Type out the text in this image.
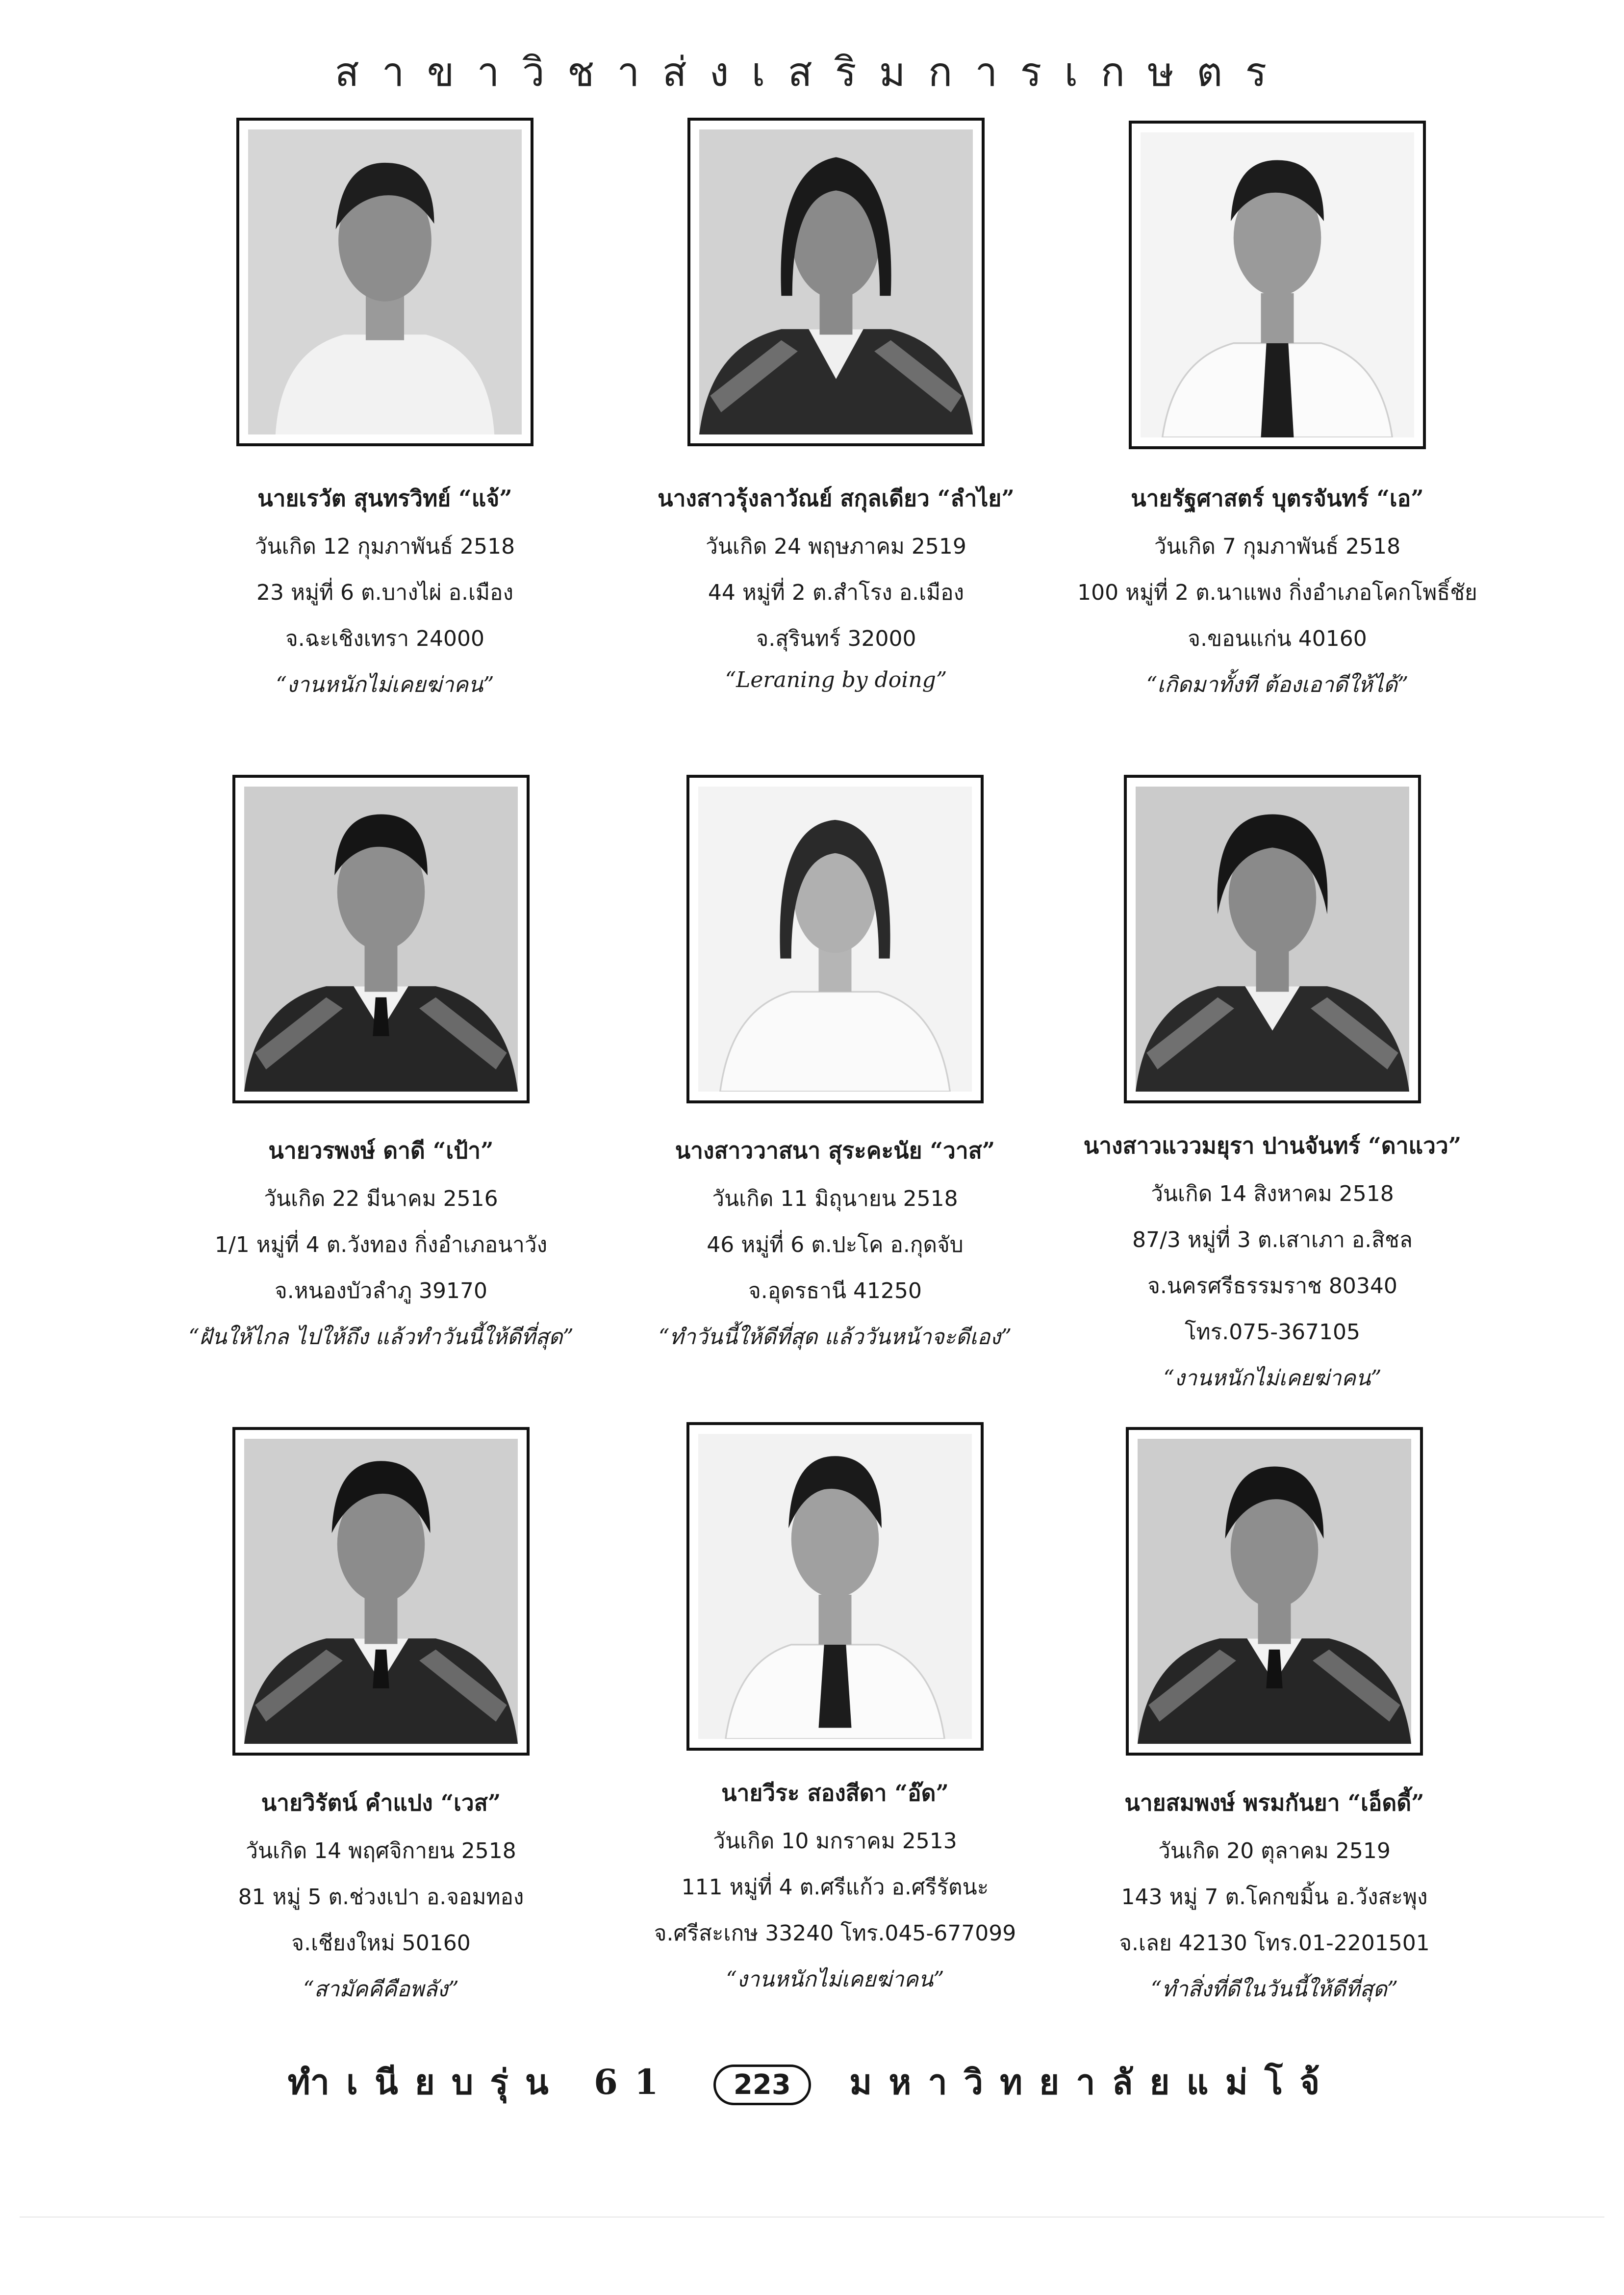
สาขาวิชาส่งเสริมการเกษตร
นายเรวัต สุนทรวิทย์ “แจ้”
วันเกิด 12 กุมภาพันธ์ 2518
23 หมู่ที่ 6 ต.บางไผ่ อ.เมือง
จ.ฉะเชิงเทรา 24000
“งานหนักไม่เคยฆ่าคน”
นางสาวรุ้งลาวัณย์ สกุลเดียว “ลำไย”
วันเกิด 24 พฤษภาคม 2519
44 หมู่ที่ 2 ต.สำโรง อ.เมือง
จ.สุรินทร์ 32000
“Leraning by doing”
นายรัฐศาสตร์ บุตรจันทร์ “เอ”
วันเกิด 7 กุมภาพันธ์ 2518
100 หมู่ที่ 2 ต.นาแพง กิ่งอำเภอโคกโพธิ์ชัย
จ.ขอนแก่น 40160
“เกิดมาทั้งที ต้องเอาดีให้ได้”
นายวรพงษ์ ดาดี “เป้า”
วันเกิด 22 มีนาคม 2516
1/1 หมู่ที่ 4 ต.วังทอง กิ่งอำเภอนาวัง
จ.หนองบัวลำภู 39170
“ฝันให้ไกล ไปให้ถึง แล้วทำวันนี้ให้ดีที่สุด”
นางสาววาสนา สุระคะนัย “วาส”
วันเกิด 11 มิถุนายน 2518
46 หมู่ที่ 6 ต.ปะโค อ.กุดจับ
จ.อุดรธานี 41250
“ทำวันนี้ให้ดีที่สุด แล้ววันหน้าจะดีเอง”
นางสาวแววมยุรา ปานจันทร์ “ดาแวว”
วันเกิด 14 สิงหาคม 2518
87/3 หมู่ที่ 3 ต.เสาเภา อ.สิชล
จ.นครศรีธรรมราช 80340
โทร.075-367105
“งานหนักไม่เคยฆ่าคน”
นายวิรัตน์ คำแปง “เวส”
วันเกิด 14 พฤศจิกายน 2518
81 หมู่ 5 ต.ช่วงเปา อ.จอมทอง
จ.เชียงใหม่ 50160
“สามัคคีคือพลัง”
นายวีระ สองสีดา “อ๊ด”
วันเกิด 10 มกราคม 2513
111 หมู่ที่ 4 ต.ศรีแก้ว อ.ศรีรัตนะ
จ.ศรีสะเกษ 33240 โทร.045-677099
“งานหนักไม่เคยฆ่าคน”
นายสมพงษ์ พรมกันยา “เอ็ดดี้”
วันเกิด 20 ตุลาคม 2519
143 หมู่ 7 ต.โคกขมิ้น อ.วังสะพุง
จ.เลย 42130 โทร.01-2201501
“ทำสิ่งที่ดีในวันนี้ให้ดีที่สุด”
ทำเนียบรุ่น 61 223 มหาวิทยาลัยแม่โจ้
